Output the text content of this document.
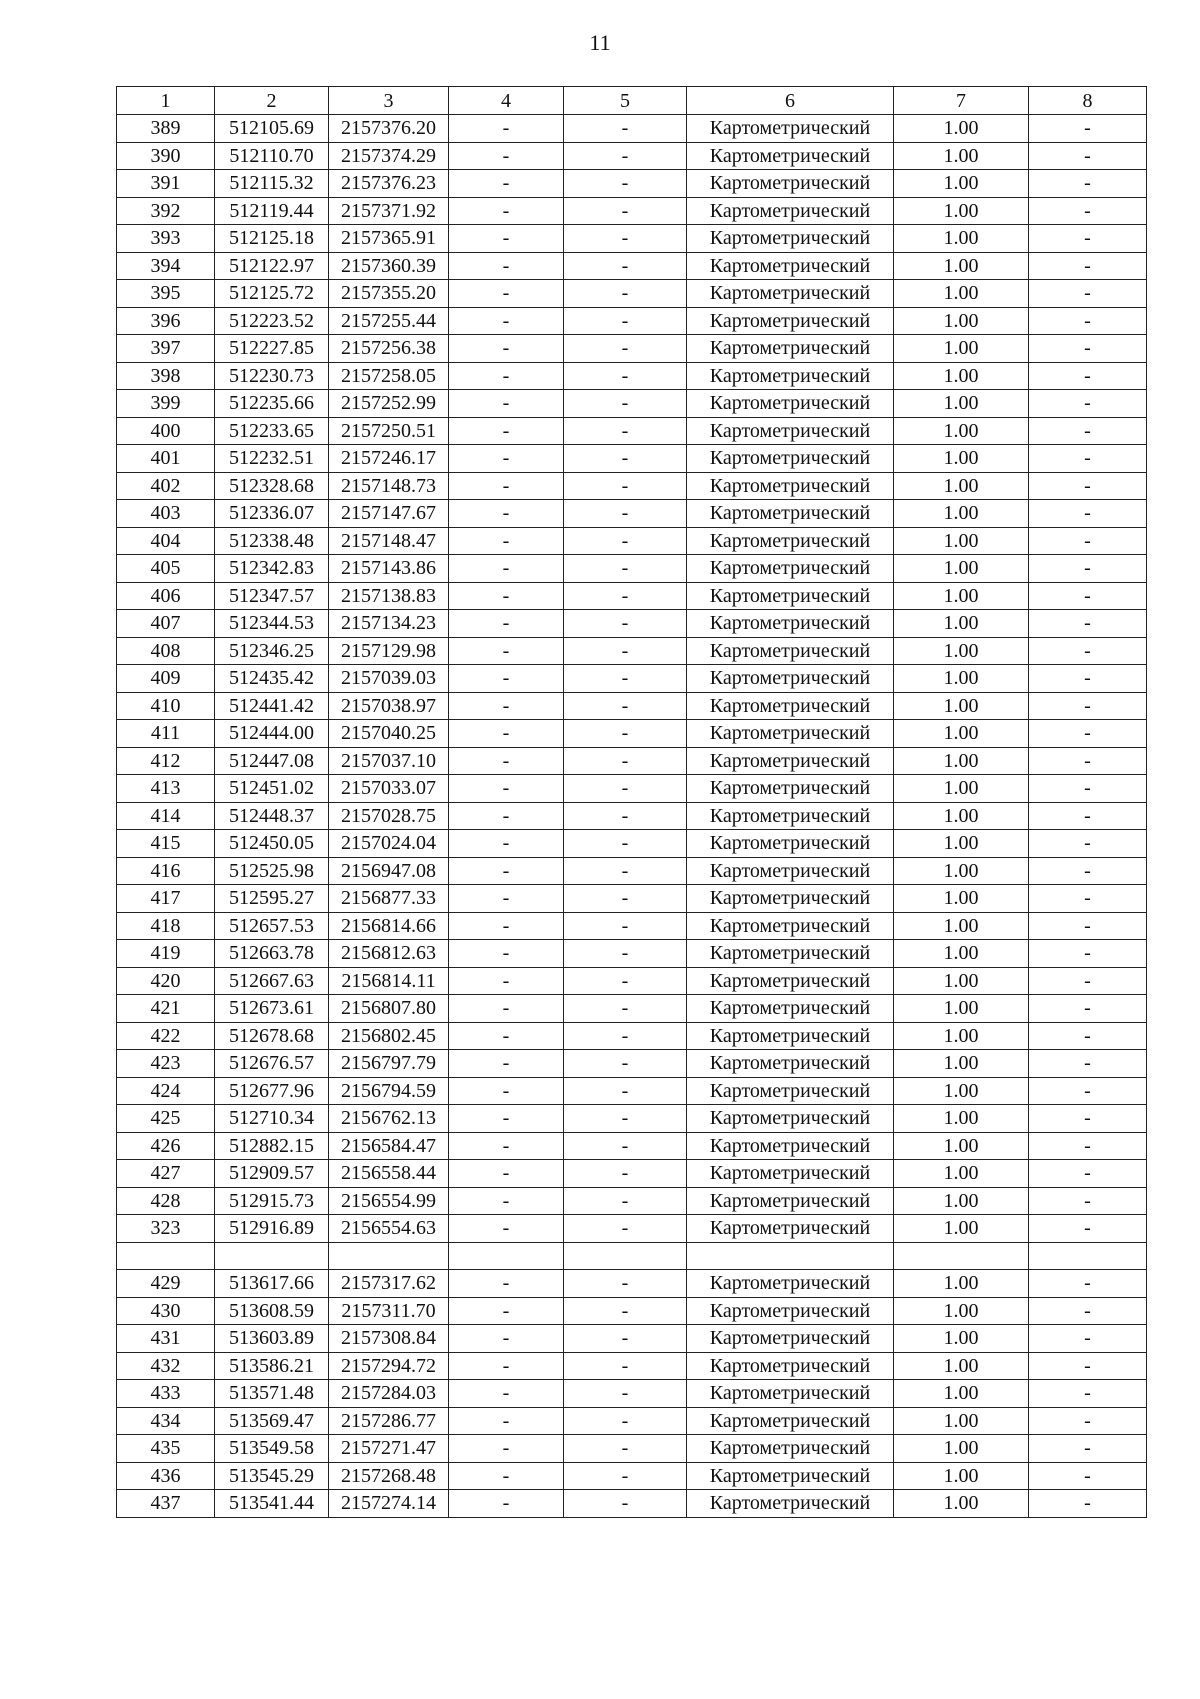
11
1	2	3	4	5	6	7	8
389	512105.69	2157376.20	-	-	Картометрический	1.00	-
390	512110.70	2157374.29	-	-	Картометрический	1.00	-
391	512115.32	2157376.23	-	-	Картометрический	1.00	-
392	512119.44	2157371.92	-	-	Картометрический	1.00	-
393	512125.18	2157365.91	-	-	Картометрический	1.00	-
394	512122.97	2157360.39	-	-	Картометрический	1.00	-
395	512125.72	2157355.20	-	-	Картометрический	1.00	-
396	512223.52	2157255.44	-	-	Картометрический	1.00	-
397	512227.85	2157256.38	-	-	Картометрический	1.00	-
398	512230.73	2157258.05	-	-	Картометрический	1.00	-
399	512235.66	2157252.99	-	-	Картометрический	1.00	-
400	512233.65	2157250.51	-	-	Картометрический	1.00	-
401	512232.51	2157246.17	-	-	Картометрический	1.00	-
402	512328.68	2157148.73	-	-	Картометрический	1.00	-
403	512336.07	2157147.67	-	-	Картометрический	1.00	-
404	512338.48	2157148.47	-	-	Картометрический	1.00	-
405	512342.83	2157143.86	-	-	Картометрический	1.00	-
406	512347.57	2157138.83	-	-	Картометрический	1.00	-
407	512344.53	2157134.23	-	-	Картометрический	1.00	-
408	512346.25	2157129.98	-	-	Картометрический	1.00	-
409	512435.42	2157039.03	-	-	Картометрический	1.00	-
410	512441.42	2157038.97	-	-	Картометрический	1.00	-
411	512444.00	2157040.25	-	-	Картометрический	1.00	-
412	512447.08	2157037.10	-	-	Картометрический	1.00	-
413	512451.02	2157033.07	-	-	Картометрический	1.00	-
414	512448.37	2157028.75	-	-	Картометрический	1.00	-
415	512450.05	2157024.04	-	-	Картометрический	1.00	-
416	512525.98	2156947.08	-	-	Картометрический	1.00	-
417	512595.27	2156877.33	-	-	Картометрический	1.00	-
418	512657.53	2156814.66	-	-	Картометрический	1.00	-
419	512663.78	2156812.63	-	-	Картометрический	1.00	-
420	512667.63	2156814.11	-	-	Картометрический	1.00	-
421	512673.61	2156807.80	-	-	Картометрический	1.00	-
422	512678.68	2156802.45	-	-	Картометрический	1.00	-
423	512676.57	2156797.79	-	-	Картометрический	1.00	-
424	512677.96	2156794.59	-	-	Картометрический	1.00	-
425	512710.34	2156762.13	-	-	Картометрический	1.00	-
426	512882.15	2156584.47	-	-	Картометрический	1.00	-
427	512909.57	2156558.44	-	-	Картометрический	1.00	-
428	512915.73	2156554.99	-	-	Картометрический	1.00	-
323	512916.89	2156554.63	-	-	Картометрический	1.00	-

429	513617.66	2157317.62	-	-	Картометрический	1.00	-
430	513608.59	2157311.70	-	-	Картометрический	1.00	-
431	513603.89	2157308.84	-	-	Картометрический	1.00	-
432	513586.21	2157294.72	-	-	Картометрический	1.00	-
433	513571.48	2157284.03	-	-	Картометрический	1.00	-
434	513569.47	2157286.77	-	-	Картометрический	1.00	-
435	513549.58	2157271.47	-	-	Картометрический	1.00	-
436	513545.29	2157268.48	-	-	Картометрический	1.00	-
437	513541.44	2157274.14	-	-	Картометрический	1.00	-
